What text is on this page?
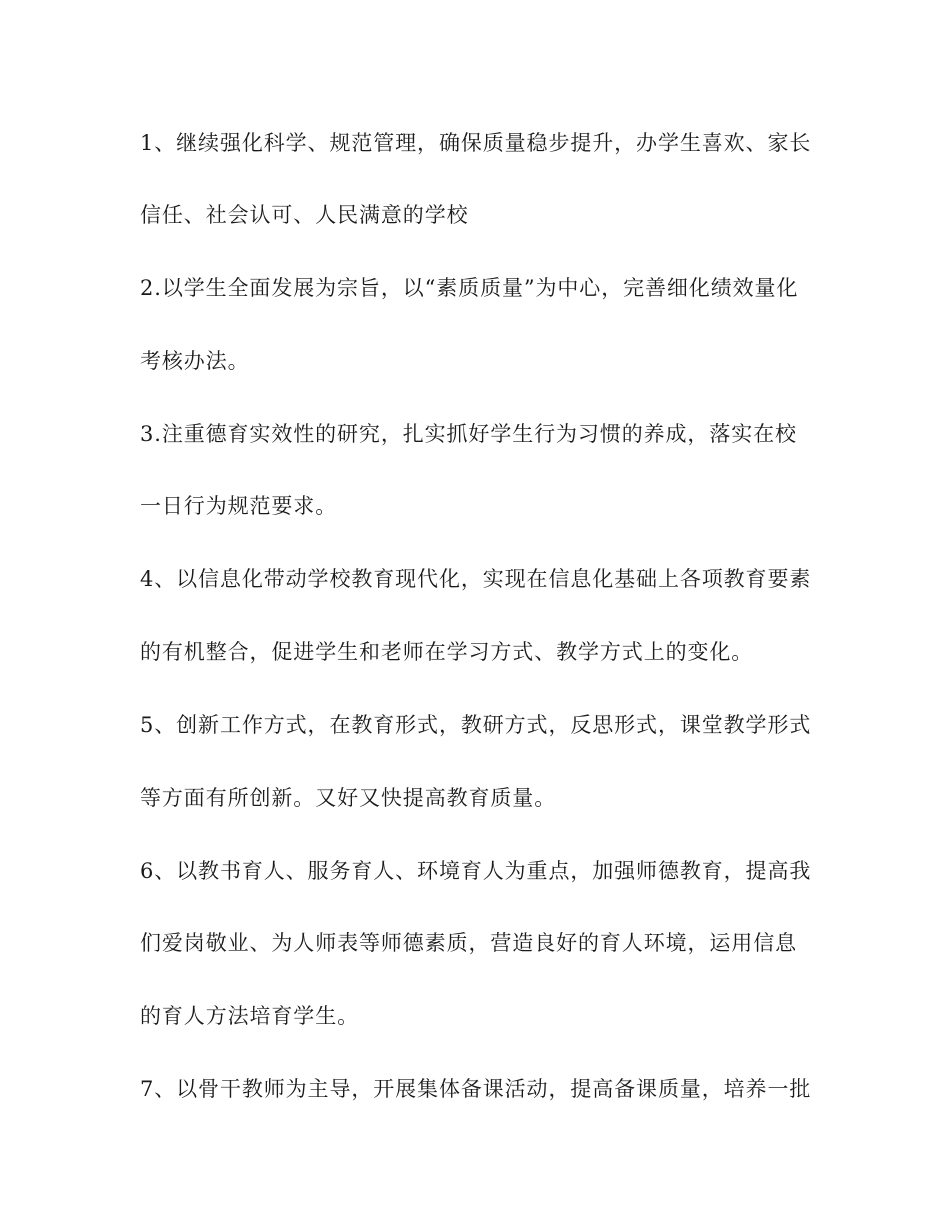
1、继续强化科学、规范管理，确保质量稳步提升，办学生喜欢、家长

信任、社会认可、人民满意的学校

2.以学生全面发展为宗旨，以“素质质量”为中心，完善细化绩效量化

考核办法。

3.注重德育实效性的研究，扎实抓好学生行为习惯的养成，落实在校

一日行为规范要求。

4、以信息化带动学校教育现代化，实现在信息化基础上各项教育要素

的有机整合，促进学生和老师在学习方式、教学方式上的变化。

5、创新工作方式，在教育形式，教研方式，反思形式，课堂教学形式

等方面有所创新。又好又快提高教育质量。

6、以教书育人、服务育人、环境育人为重点，加强师德教育，提高我

们爱岗敬业、为人师表等师德素质，营造良好的育人环境，运用信息

的育人方法培育学生。

7、以骨干教师为主导，开展集体备课活动，提高备课质量，培养一批
